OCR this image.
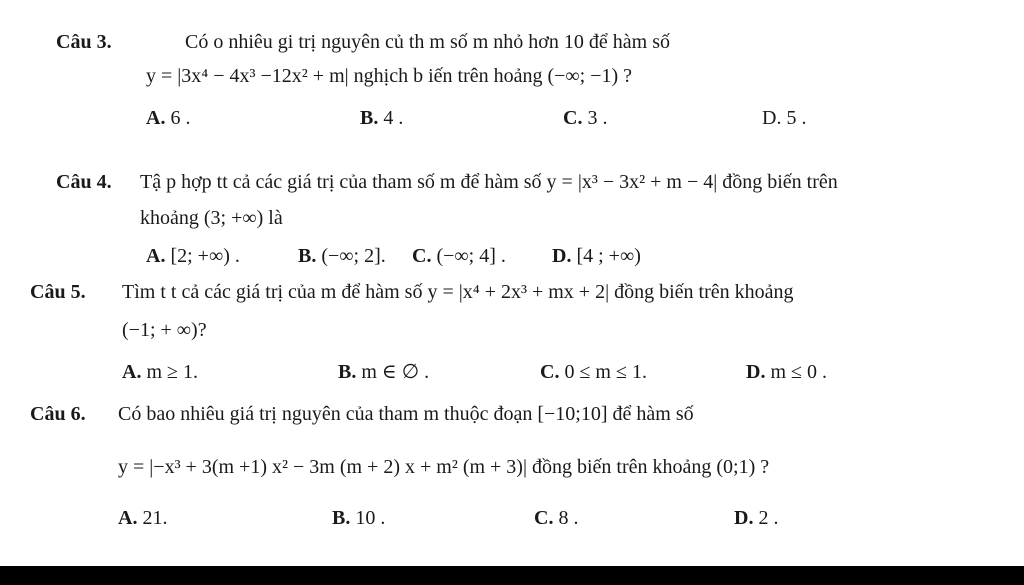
Câu 3.	Có o nhiêu gi trị nguyên củ th m số m nhỏ hơn 10 để hàm số
y = |3x⁴ − 4x³ −12x² + m| nghịch b iến trên hoảng (−∞; −1) ?
A. 6 .	B. 4 .	C. 3 .	D. 5 .
Câu 4. Tậ p hợp tt cả các giá trị của tham số m để hàm số y = |x³ − 3x² + m − 4| đồng biến trên
khoảng (3; +∞) là
A. [2; +∞) .	B. (−∞; 2]. C. (−∞; 4] . D. [4 ; +∞)
Câu 5. Tìm t t cả các giá trị của m để hàm số y = |x⁴ + 2x³ + mx + 2| đồng biến trên khoảng
(−1; + ∞)?
A. m ≥ 1.	B. m ∈ ∅ .	C. 0 ≤ m ≤ 1.	D. m ≤ 0 .
Câu 6. Có bao nhiêu giá trị nguyên của tham m thuộc đoạn [−10;10] để hàm số
y = |−x³ + 3(m +1) x² − 3m (m + 2) x + m² (m + 3)| đồng biến trên khoảng (0;1) ?
A. 21.	B. 10 .	C. 8 .	D. 2 .
